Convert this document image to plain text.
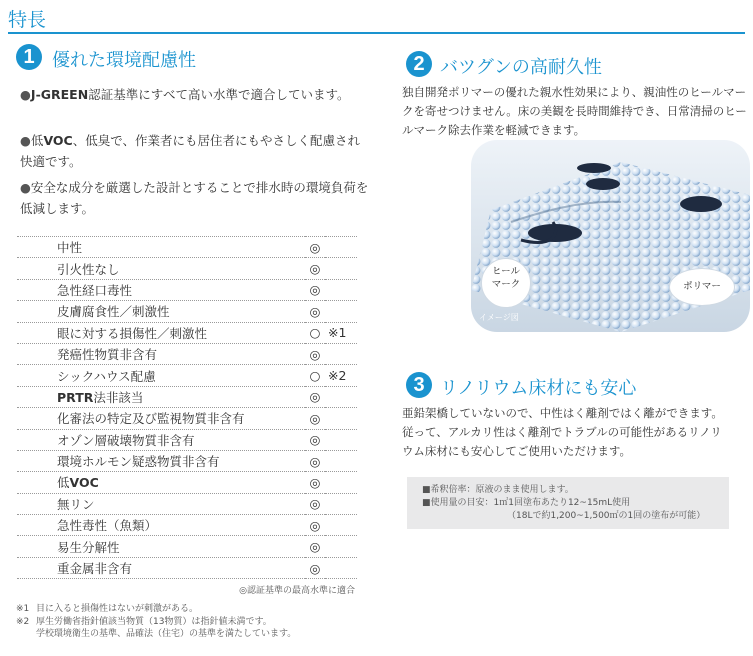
特長
1 優れた環境配慮性
●J-GREEN認証基準にすべて高い水準で適合しています。
●低VOC、低臭で、作業者にも居住者にもやさしく配慮され快適です。
●安全な成分を厳選した設計とすることで排水時の環境負荷を低減します。
中性	◎	
引火性なし	◎	
急性経口毒性	◎	
皮膚腐食性／刺激性	◎	
眼に対する損傷性／刺激性	○	※1
発癌性物質非含有	◎	
シックハウス配慮	○	※2
PRTR法非該当	◎	
化審法の特定及び監視物質非含有	◎	
オゾン層破壊物質非含有	◎	
環境ホルモン疑惑物質非含有	◎	
低VOC	◎	
無リン	◎	
急性毒性（魚類）	◎	
易生分解性	◎	
重金属非含有	◎	
◎認証基準の最高水準に適合
※1 目に入ると損傷性はないが刺激がある。
※2 厚生労働省指針値該当物質（13物質）は指針値未満です。
学校環境衛生の基準、品確法（住宅）の基準を満たしています。
2 バツグンの高耐久性
独自開発ポリマーの優れた親水性効果により、親油性のヒールマークを寄せつけません。床の美観を長時間維持でき、日常清掃のヒールマーク除去作業を軽減できます。
ヒール
マーク	ポリマー
イメージ図
3 リノリウム床材にも安心
亜鉛架橋していないので、中性はく離剤ではく離ができます。従って、アルカリ性はく離剤でトラブルの可能性があるリノリウム床材にも安心してご使用いただけます。
■希釈倍率：原液のまま使用します。
■使用量の目安：1㎡1回塗布あたり12~15mL使用
（18Lで約1,200~1,500㎡の1回の塗布が可能）
